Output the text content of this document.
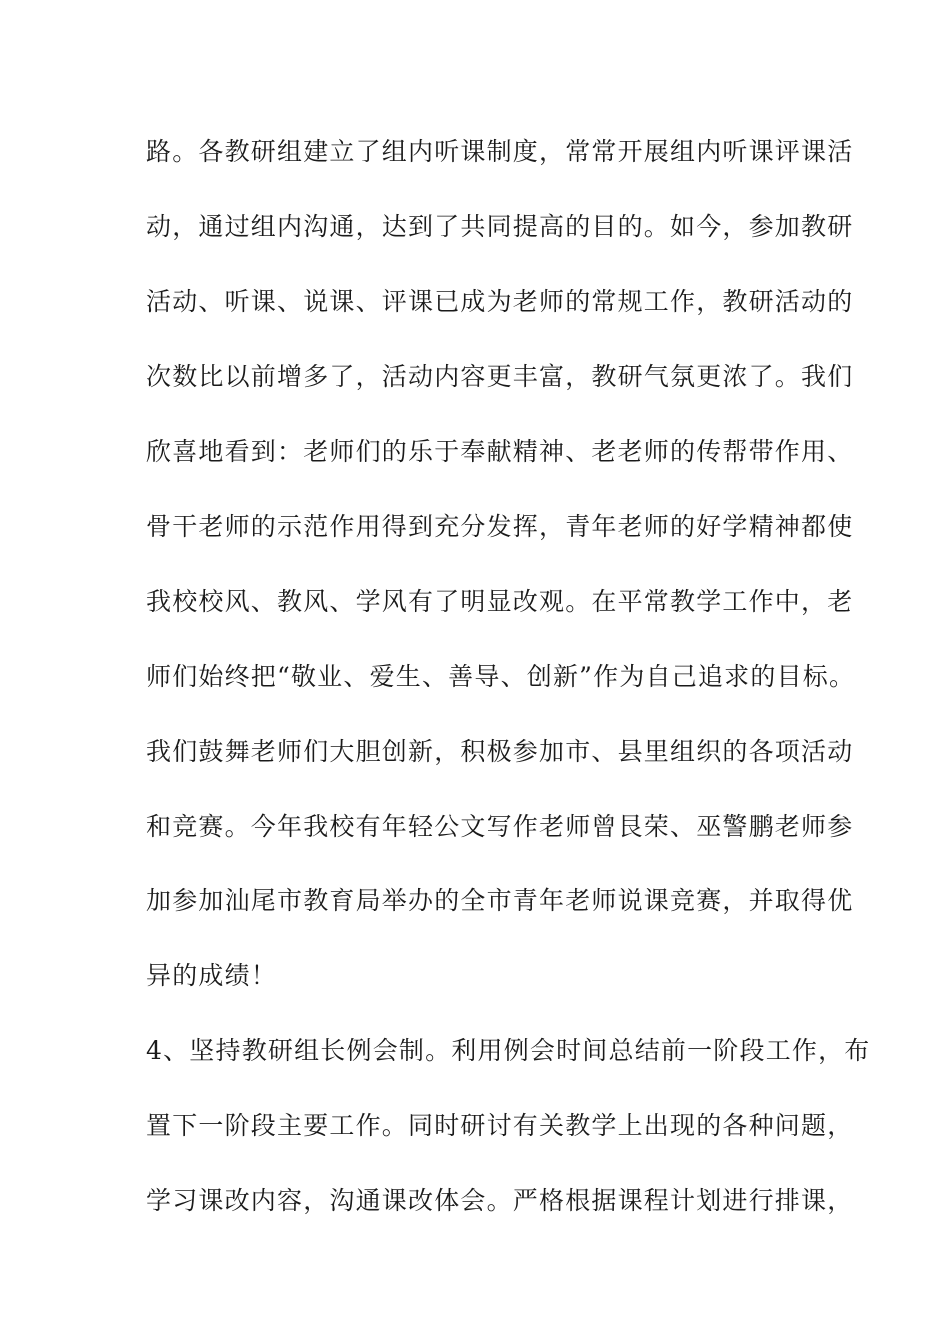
路。各教研组建立了组内听课制度，常常开展组内听课评课活
动，通过组内沟通，达到了共同提高的目的。如今，参加教研
活动、听课、说课、评课已成为老师的常规工作，教研活动的
次数比以前增多了，活动内容更丰富，教研气氛更浓了。我们
欣喜地看到：老师们的乐于奉献精神、老老师的传帮带作用、
骨干老师的示范作用得到充分发挥，青年老师的好学精神都使
我校校风、教风、学风有了明显改观。在平常教学工作中，老
师们始终把“敬业、爱生、善导、创新”作为自己追求的目标。
我们鼓舞老师们大胆创新，积极参加市、县里组织的各项活动
和竞赛。今年我校有年轻公文写作老师曾艮荣、巫警鹏老师参
加参加汕尾市教育局举办的全市青年老师说课竞赛，并取得优
异的成绩！
4、坚持教研组长例会制。利用例会时间总结前一阶段工作，布
置下一阶段主要工作。同时研讨有关教学上出现的各种问题，
学习课改内容，沟通课改体会。严格根据课程计划进行排课，
